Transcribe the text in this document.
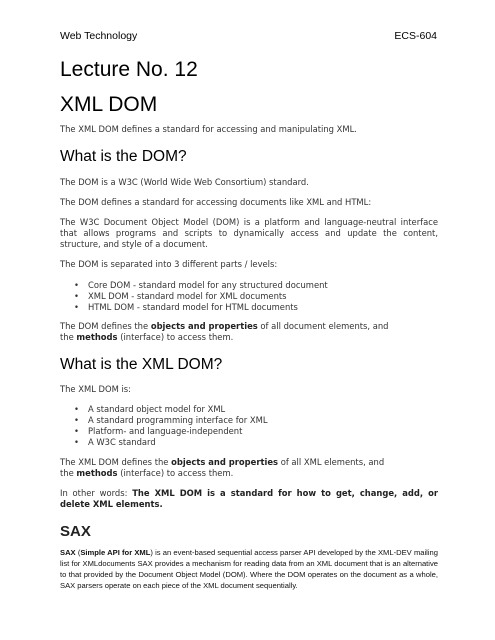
Web Technology	ECS-604
Lecture No. 12
XML DOM

The XML DOM defines a standard for accessing and manipulating XML.

What is the DOM?

The DOM is a W3C (World Wide Web Consortium) standard.

The DOM defines a standard for accessing documents like XML and HTML:

The W3C Document Object Model (DOM) is a platform and language-neutral interface that allows programs and scripts to dynamically access and update the content, structure, and style of a document.

The DOM is separated into 3 different parts / levels:

• Core DOM - standard model for any structured document
• XML DOM - standard model for XML documents
• HTML DOM - standard model for HTML documents

The DOM defines the objects and properties of all document elements, and
the methods (interface) to access them.

What is the XML DOM?

The XML DOM is:

• A standard object model for XML
• A standard programming interface for XML
• Platform- and language-independent
• A W3C standard

The XML DOM defines the objects and properties of all XML elements, and
the methods (interface) to access them.

In other words: The XML DOM is a standard for how to get, change, add, or delete XML elements.

SAX

SAX (Simple API for XML) is an event-based sequential access parser API developed by the XML-DEV mailing list for XMLdocuments SAX provides a mechanism for reading data from an XML document that is an alternative to that provided by the Document Object Model (DOM). Where the DOM operates on the document as a whole, SAX parsers operate on each piece of the XML document sequentially.
